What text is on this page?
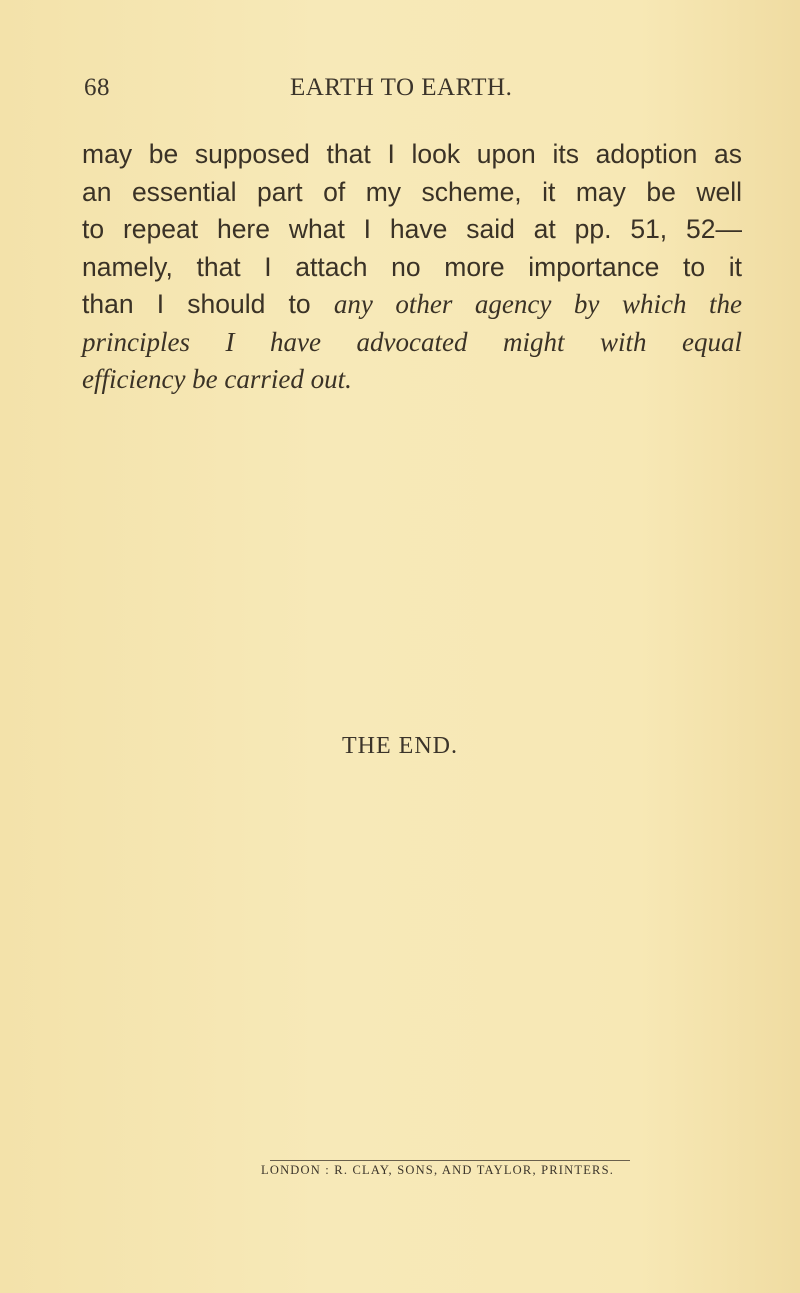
68	EARTH TO EARTH.
may be supposed that I look upon its adoption as
an essential part of my scheme, it may be well
to repeat here what I have said at pp. 51, 52—
namely, that I attach no more importance to it
than I should to any other agency by which the
principles I have advocated might with equal
efficiency be carried out.
THE END.
LONDON : R. CLAY, SONS, AND TAYLOR, PRINTERS.
